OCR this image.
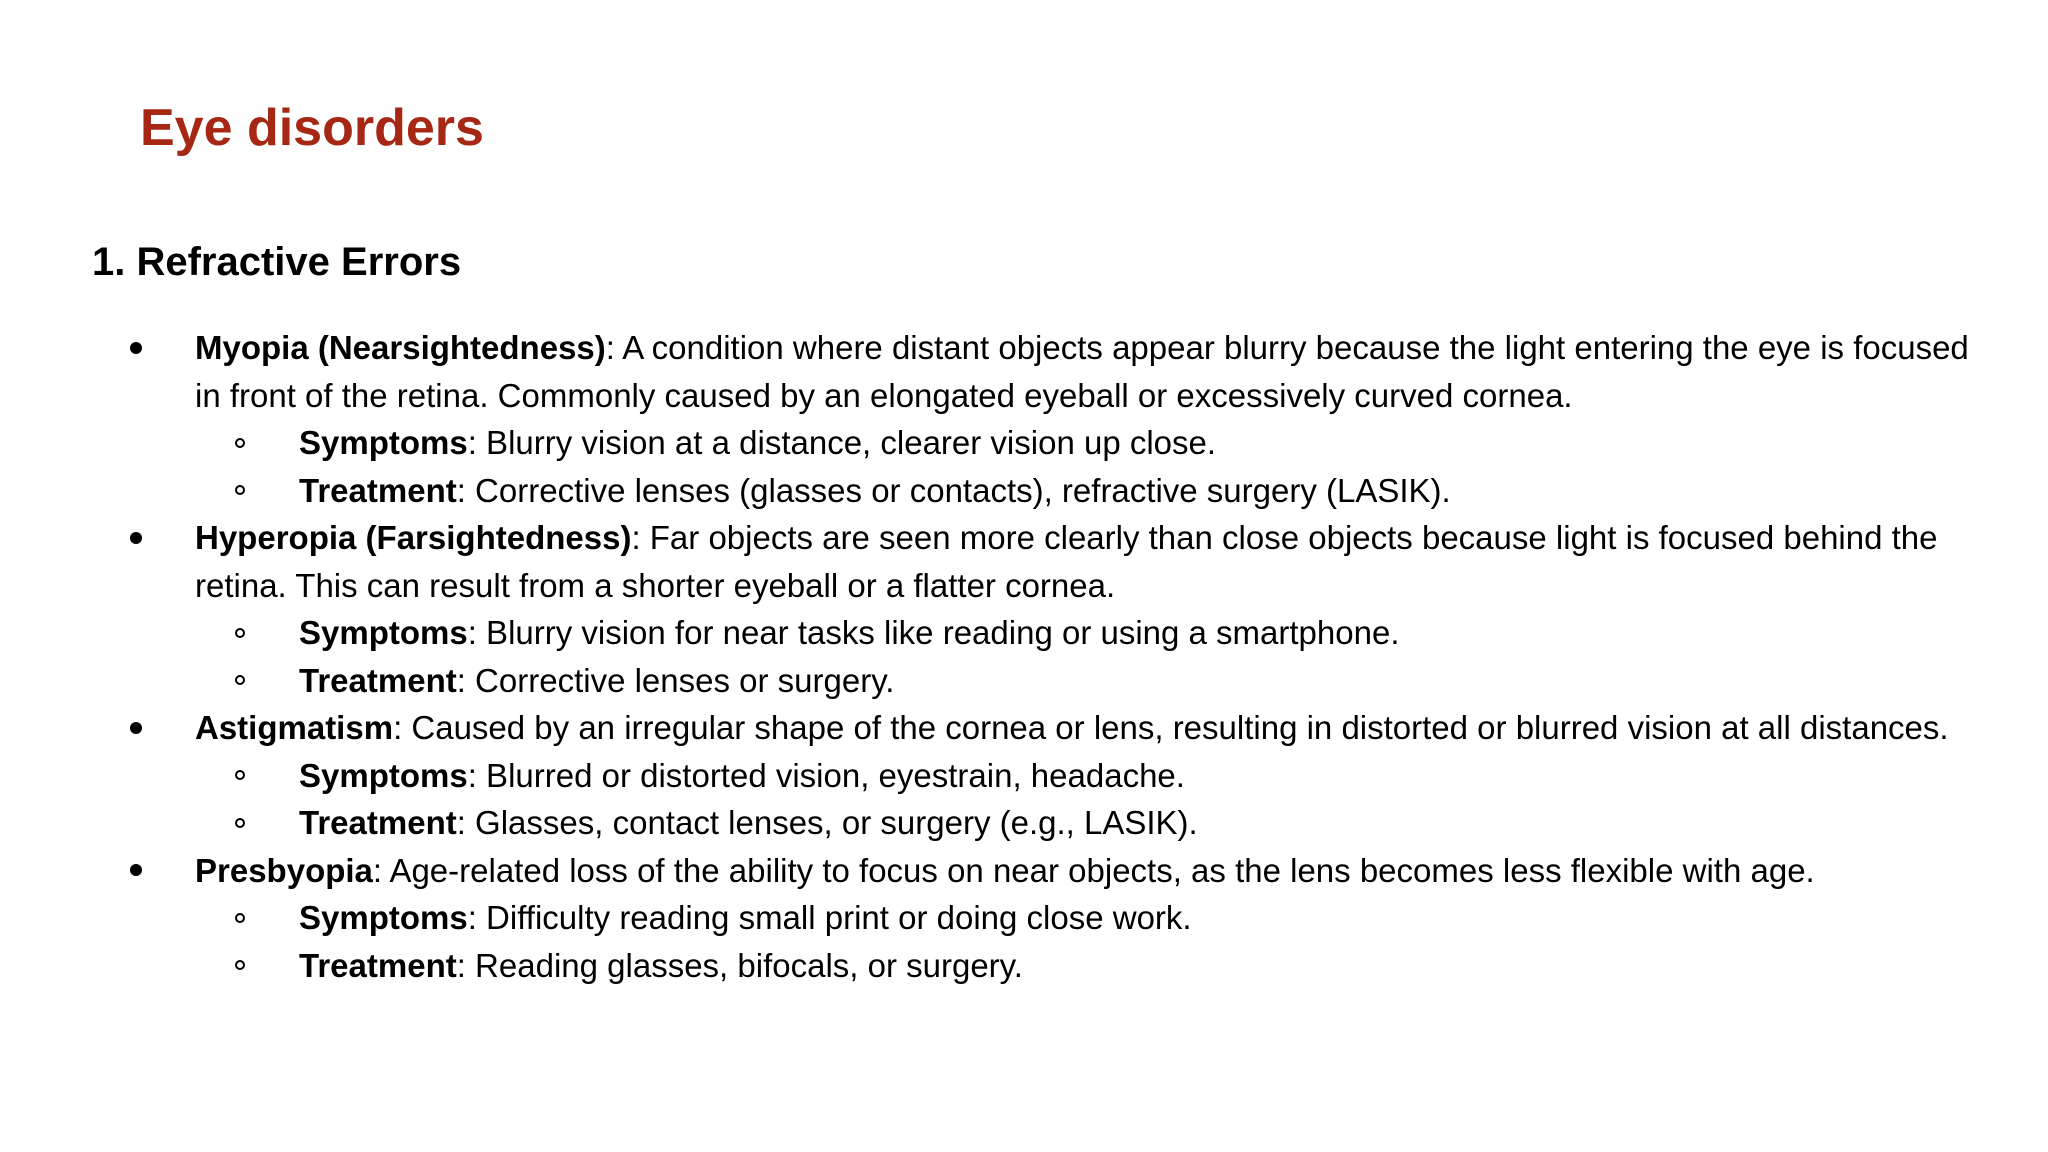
Eye disorders
1. Refractive Errors
Myopia (Nearsightedness): A condition where distant objects appear blurry because the light entering the eye is focused in front of the retina. Commonly caused by an elongated eyeball or excessively curved cornea.
Symptoms: Blurry vision at a distance, clearer vision up close.
Treatment: Corrective lenses (glasses or contacts), refractive surgery (LASIK).
Hyperopia (Farsightedness): Far objects are seen more clearly than close objects because light is focused behind the retina. This can result from a shorter eyeball or a flatter cornea.
Symptoms: Blurry vision for near tasks like reading or using a smartphone.
Treatment: Corrective lenses or surgery.
Astigmatism: Caused by an irregular shape of the cornea or lens, resulting in distorted or blurred vision at all distances.
Symptoms: Blurred or distorted vision, eyestrain, headache.
Treatment: Glasses, contact lenses, or surgery (e.g., LASIK).
Presbyopia: Age-related loss of the ability to focus on near objects, as the lens becomes less flexible with age.
Symptoms: Difficulty reading small print or doing close work.
Treatment: Reading glasses, bifocals, or surgery.
